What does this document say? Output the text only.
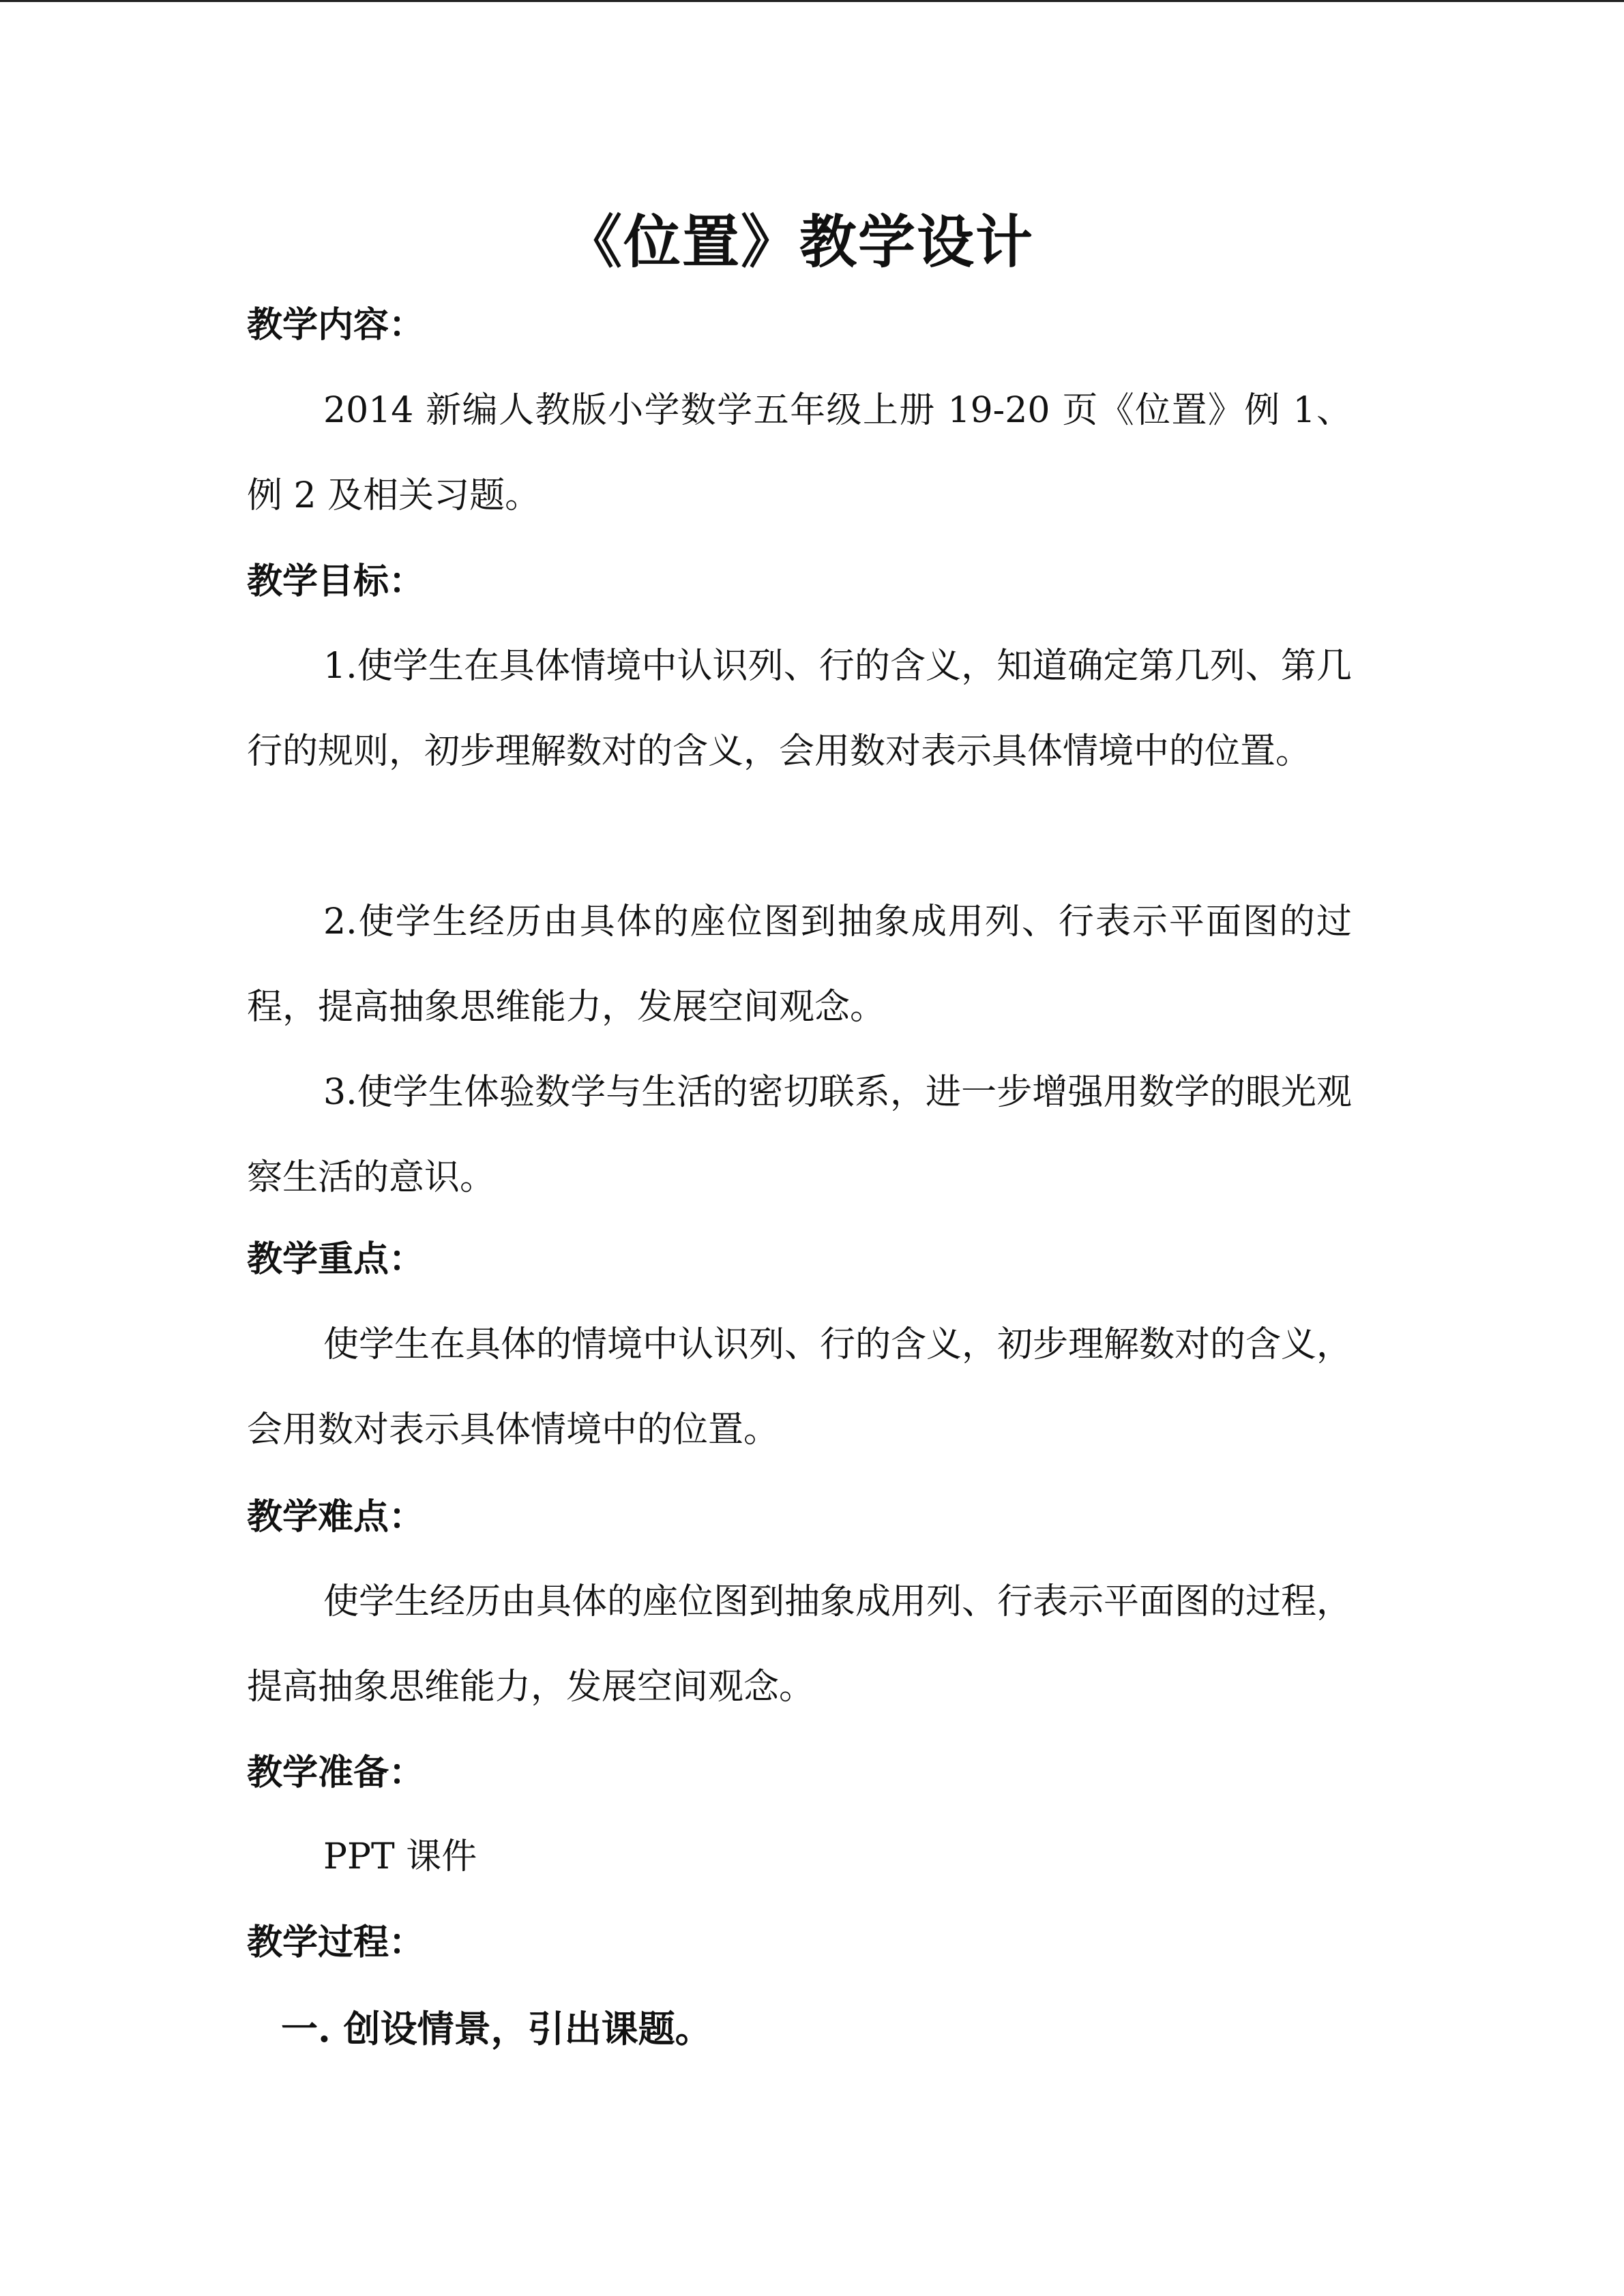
《位置》教学设计
教学内容：
2014 新编人教版小学数学五年级上册 19-20 页《位置》例 1、例 2 及相关习题。
教学目标：
1.使学生在具体情境中认识列、行的含义，知道确定第几列、第几行的规则，初步理解数对的含义，会用数对表示具体情境中的位置。
2.使学生经历由具体的座位图到抽象成用列、行表示平面图的过程，提高抽象思维能力，发展空间观念。
3.使学生体验数学与生活的密切联系，进一步增强用数学的眼光观察生活的意识。
教学重点：
使学生在具体的情境中认识列、行的含义，初步理解数对的含义，会用数对表示具体情境中的位置。
教学难点：
使学生经历由具体的座位图到抽象成用列、行表示平面图的过程，提高抽象思维能力，发展空间观念。
教学准备：
PPT 课件
教学过程：
一. 创设情景，引出课题。
